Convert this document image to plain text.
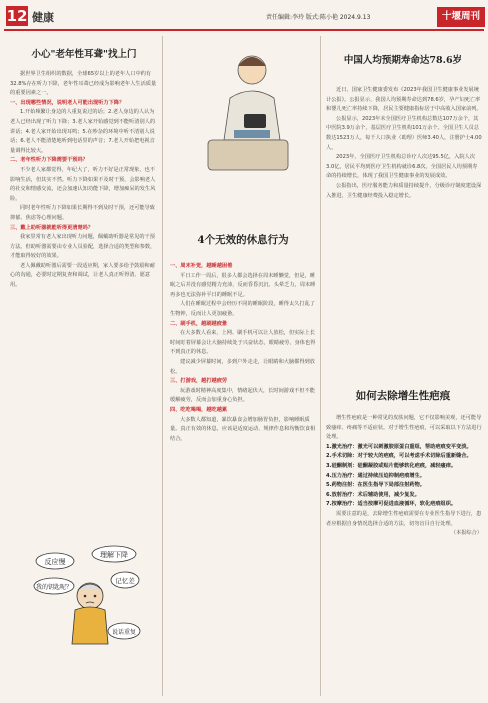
12 健康	责任编辑:李玲 版式:陈小艳 2024.9.13	十堰周刊
小心"老年性耳聋"找上门

据世界卫生组织的数据，全球65岁以上的老年人口中约有32.8%存在听力下降，老年性耳聋已经成为影响老年人生活质量的重要因素之一。

一、出现哪些情况，说明老人可能出现听力下降？

1.开始频繁让身边的人重复说过的话；2.老人身边的人认为老人已经出现了听力下降；3.老人家开始感觉到不能听清别人的讲话；4.老人家开始出现耳鸣；5.在吵杂的环境中听不清别人说话；6.老人不能清楚地听到电话里的声音；7.老人开始把电视音量调得比较大。

二、老年性听力下降需要干预吗？

不少老人家都觉得，年纪大了，听力不好是正常现象，也不影响生活，但其实不然。听力下降如果不及时干预，会影响老人的社交和情感交流，还会加速认知功能下降，增加痴呆的发生风险。

同时老年性听力下降如果长期得不到及时干预，还可能导致抑郁、焦虑等心理问题。

三、戴上助听器就能听得更清楚吗？

我家里常有老人家出现听力问题，佩戴助听器是常见的干预方法。但助听器需要由专业人员验配，选择合适的类型和参数，才能取得较好的效果。

老人佩戴助听器后需要一段适应期，家人要多给予鼓励和耐心的沟通，必要时定期复查和调试，让老人真正听得清、愿意用。

反应慢
理解下降
记忆差
我的钥匙呢？
说话重复
4个无效的休息行为

一、周末补觉，越睡越困倦

平日工作一周后，很多人都会选择在周末睡懒觉，但是，睡眠之后并没有感觉精力充沛，反而昏昏沉沉、头晕乏力，周末睡再多也无法弥补平日的睡眠不足。

人们在睡眠过程中会经历不同的睡眠阶段，睡得太久打乱了生物钟，反而让人更加疲惫。

二、刷手机，越刷越疲惫

在大多数人看来，上网、刷手机可以让人放松，但实际上长时间盯着屏幕会让大脑持续处于兴奋状态，眼睛疲劳，身体也得不到真正的休息。

建议减少屏幕时间，多到户外走走，让眼睛和大脑都得到放松。

三、打游戏，越打越疲劳

玩游戏时精神高度集中，情绪起伏大，长时间游戏不但不能缓解疲劳，反而会加重身心负担。

四、吃吃喝喝，越吃越累

大多数人都知道，暴饮暴食会增加肠胃负担，影响睡眠质量。真正有效的休息，应该是适度运动、规律作息和均衡饮食相结合。

中国人均预期寿命达78.6岁

近日，国家卫生健康委发布《2023年我国卫生健康事业发展统计公报》。公报显示，我国人均预期寿命达到78.6岁，孕产妇死亡率和婴儿死亡率持续下降，居民主要健康指标居于中高收入国家前列。

公报显示，2023年末全国医疗卫生机构总数达107万余个，其中医院3.9万余个，基层医疗卫生机构101万余个。全国卫生人员总数达1523万人，每千人口执业（助理）医师3.40人，注册护士4.00人。

2023年，全国医疗卫生机构总诊疗人次达95.5亿，入院人次3.0亿，居民平均到医疗卫生机构就诊6.8次。全国居民人均预期寿命的持续增长，体现了我国卫生健康事业的发展成效。

公报指出，医疗服务能力和质量持续提升，分级诊疗制度建设深入推进，卫生健康经费投入稳定增长。

如何去除增生性疤痕

增生性疤痕是一种常见的皮肤问题，它不仅影响美观，还可能导致瘙痒、疼痛等不适症状。对于增生性疤痕，可以采取以下方法进行处理。

1.激光治疗：激光可以刺激胶原蛋白重组，帮助疤痕变平变淡。

2.手术切除：对于较大的疤痕，可以考虑手术切除后重新缝合。

3.硅酮制剂：硅酮凝胶或贴片能够软化疤痕，减轻瘙痒。

4.压力治疗：通过持续压迫抑制疤痕增生。

5.药物注射：在医生指导下局部注射药物。

6.放射治疗：术后辅助使用，减少复发。

7.按摩治疗：适当按摩可促进血液循环，软化疤痕组织。

需要注意的是，去除增生性疤痕需要在专业医生指导下进行，患者应根据自身情况选择合适的方法，切勿盲目自行处理。

（本报综合）
